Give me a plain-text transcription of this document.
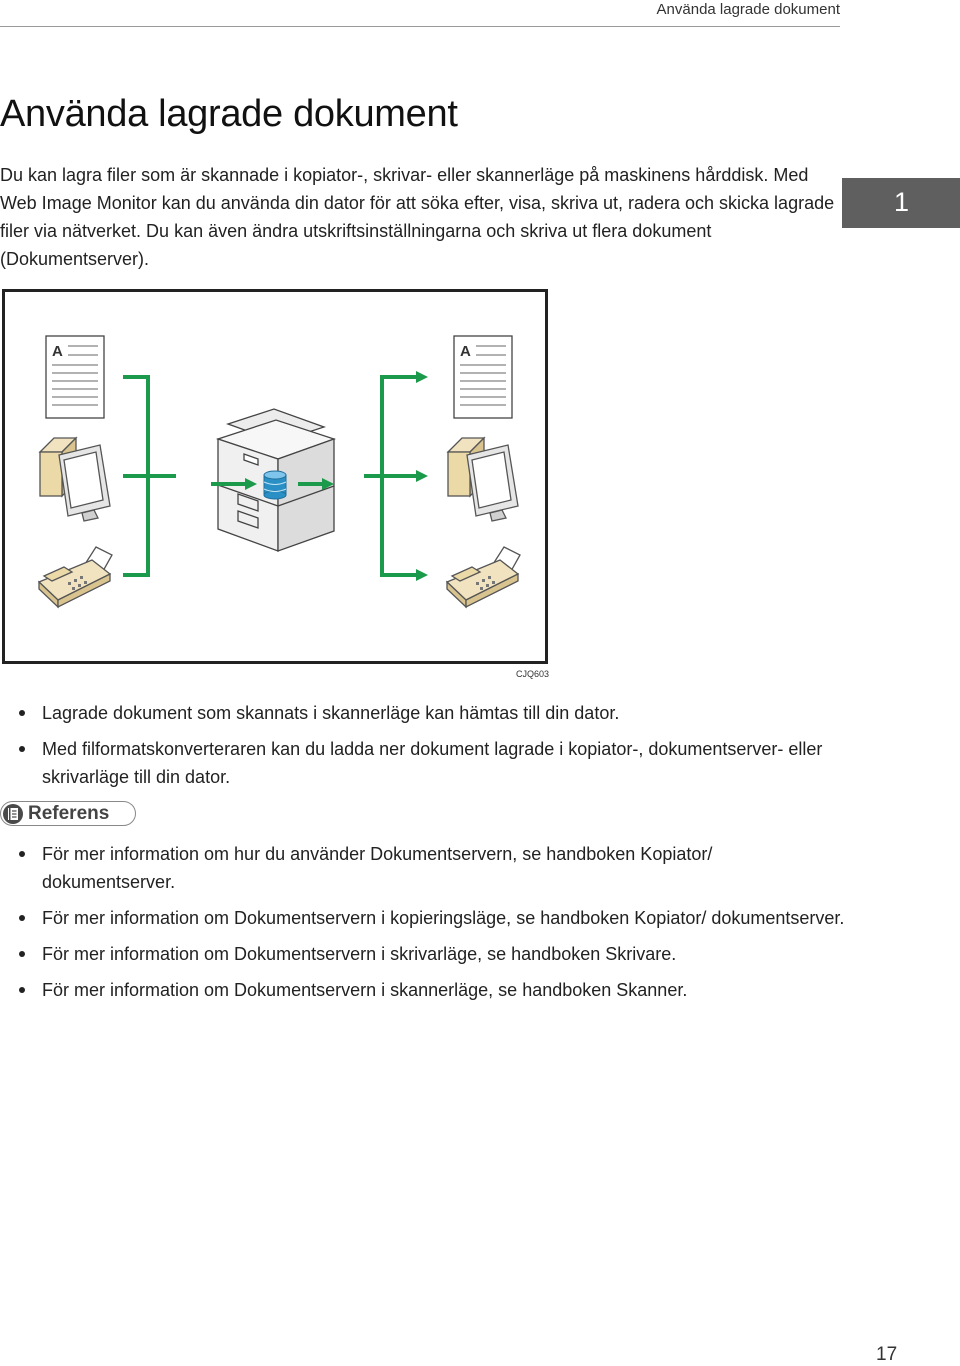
Använda lagrade dokument
Använda lagrade dokument

Du kan lagra filer som är skannade i kopiator-, skrivar- eller skannerläge på maskinens hårddisk. Med Web Image Monitor kan du använda din dator för att söka efter, visa, skriva ut, radera och skicka lagrade filer via nätverket. Du kan även ändra utskriftsinställningarna och skriva ut flera dokument (Dokumentserver).

1
A	A
CJQ603
Lagrade dokument som skannats i skannerläge kan hämtas till din dator.
Med filformatskonverteraren kan du ladda ner dokument lagrade i kopiator-, dokumentserver- eller skrivarläge till din dator.
Referens
För mer information om hur du använder Dokumentservern, se handboken Kopiator/ dokumentserver.
För mer information om Dokumentservern i kopieringsläge, se handboken Kopiator/ dokumentserver.
För mer information om Dokumentservern i skrivarläge, se handboken Skrivare.
För mer information om Dokumentservern i skannerläge, se handboken Skanner.
17
